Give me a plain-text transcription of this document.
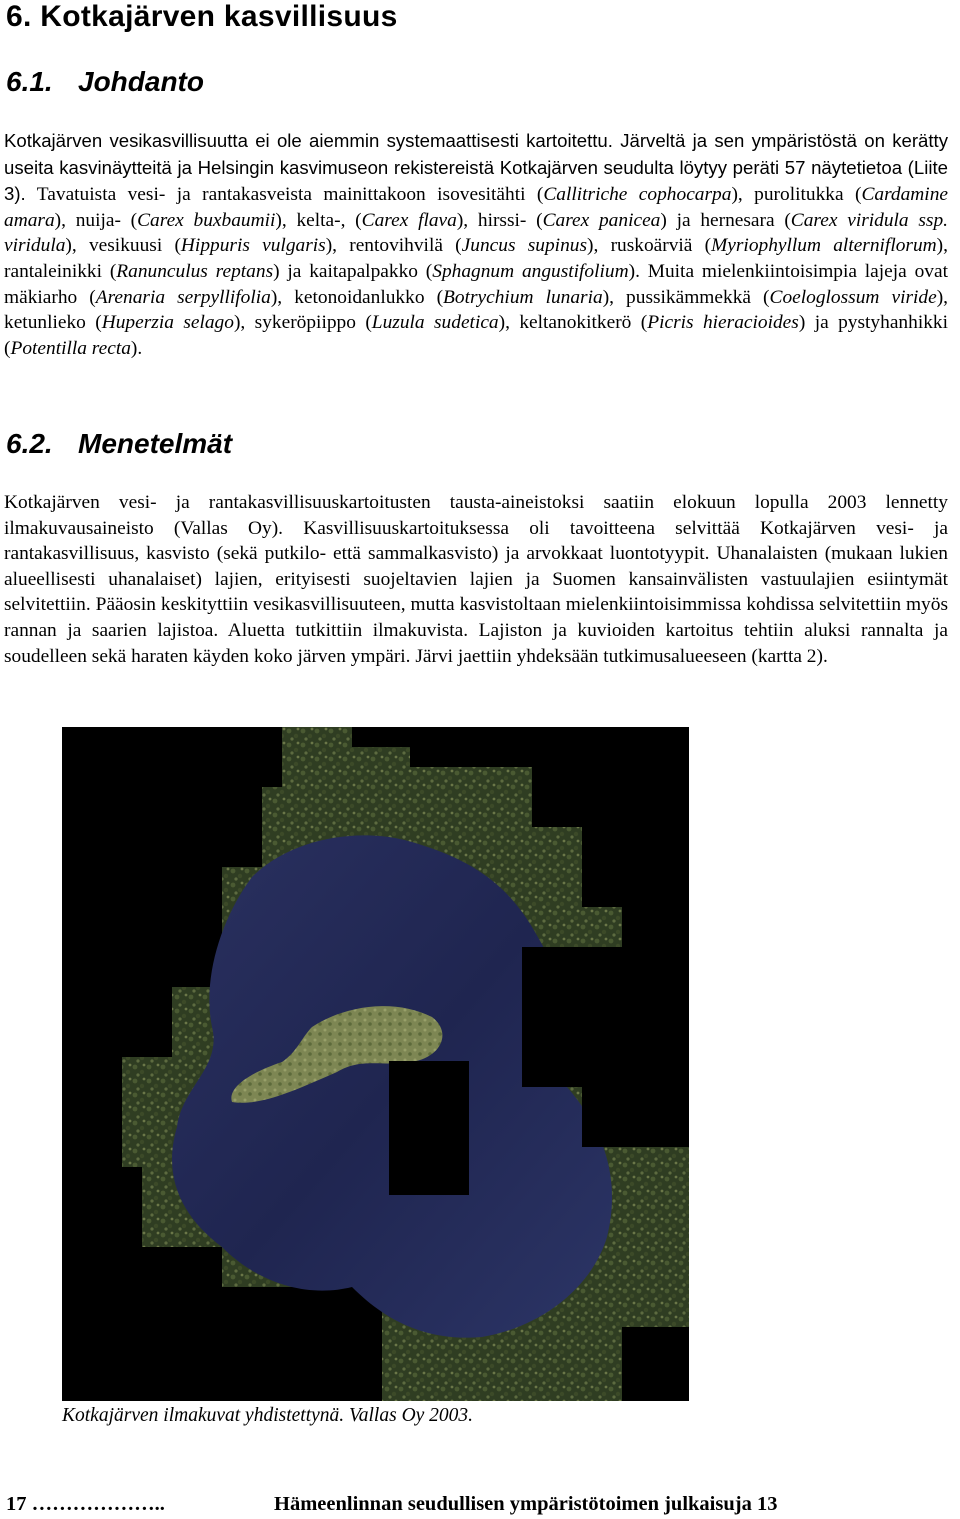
6. Kotkajärven kasvillisuus
6.1. Johdanto
Kotkajärven vesikasvillisuutta ei ole aiemmin systemaattisesti kartoitettu. Järveltä ja sen ympäristöstä on kerätty useita kasvinäytteitä ja Helsingin kasvimuseon rekistereistä Kotkajärven seudulta löytyy peräti 57 näytetietoa (Liite 3). Tavatuista vesi- ja rantakasveista mainittakoon isovesitähti (Callitriche cophocarpa), purolitukka (Cardamine amara), nuija- (Carex buxbaumii), kelta-, (Carex flava), hirssi- (Carex panicea) ja hernesara (Carex viridula ssp. viridula), vesikuusi (Hippuris vulgaris), rentovihvilä (Juncus supinus), ruskoärviä (Myriophyllum alterniflorum), rantaleinikki (Ranunculus reptans) ja kaitapalpakko (Sphagnum angustifolium). Muita mielenkiintoisimpia lajeja ovat mäkiarho (Arenaria serpyllifolia), ketonoidanlukko (Botrychium lunaria), pussikämmekkä (Coeloglossum viride), ketunlieko (Huperzia selago), sykeröpiippo (Luzula sudetica), keltanokitkerö (Picris hieracioides) ja pystyhanhikki (Potentilla recta).
6.2. Menetelmät
Kotkajärven vesi- ja rantakasvillisuuskartoitusten tausta-aineistoksi saatiin elokuun lopulla 2003 lennetty ilmakuvausaineisto (Vallas Oy). Kasvillisuuskartoituksessa oli tavoitteena selvittää Kotkajärven vesi- ja rantakasvillisuus, kasvisto (sekä putkilo- että sammalkasvisto) ja arvokkaat luontotyypit. Uhanalaisten (mukaan lukien alueellisesti uhanalaiset) lajien, erityisesti suojeltavien lajien ja Suomen kansainvälisten vastuulajien esiintymät selvitettiin. Pääosin keskityttiin vesikasvillisuuteen, mutta kasvistoltaan mielenkiintoisimmissa kohdissa selvitettiin myös rannan ja saarien lajistoa. Aluetta tutkittiin ilmakuvista. Lajiston ja kuvioiden kartoitus tehtiin aluksi rannalta ja soudelleen sekä haraten käyden koko järven ympäri. Järvi jaettiin yhdeksään tutkimusalueeseen (kartta 2).
Kotkajärven ilmakuvat yhdistettynä. Vallas Oy 2003.
17 ………………..	Hämeenlinnan seudullisen ympäristötoimen julkaisuja 13
